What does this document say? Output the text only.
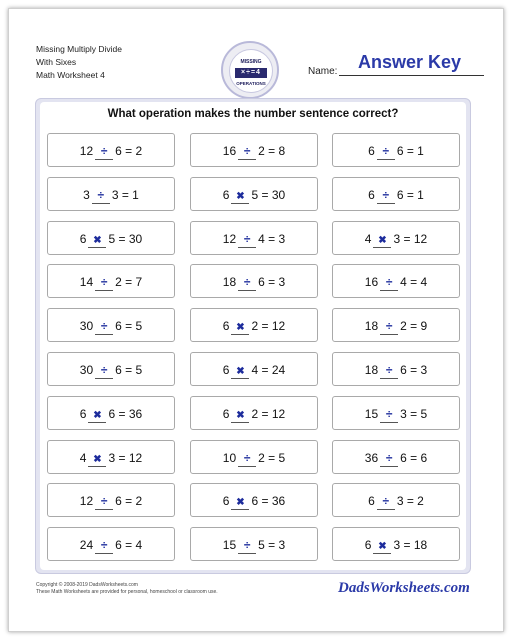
Missing Multiply Divide
With Sixes
Math Worksheet 4
MISSING
×÷=4
OPERATIONS
Answer Key
Name:
What operation makes the number sentence correct?
12 ÷ 6 = 2	16 ÷ 2 = 8	6 ÷ 6 = 1
3 ÷ 3 = 1	6 ✖ 5 = 30	6 ÷ 6 = 1
6 ✖ 5 = 30	12 ÷ 4 = 3	4 ✖ 3 = 12
14 ÷ 2 = 7	18 ÷ 6 = 3	16 ÷ 4 = 4
30 ÷ 6 = 5	6 ✖ 2 = 12	18 ÷ 2 = 9
30 ÷ 6 = 5	6 ✖ 4 = 24	18 ÷ 6 = 3
6 ✖ 6 = 36	6 ✖ 2 = 12	15 ÷ 3 = 5
4 ✖ 3 = 12	10 ÷ 2 = 5	36 ÷ 6 = 6
12 ÷ 6 = 2	6 ✖ 6 = 36	6 ÷ 3 = 2
24 ÷ 6 = 4	15 ÷ 5 = 3	6 ✖ 3 = 18
Copyright © 2008-2019 DadsWorksheets.com
These Math Worksheets are provided for personal, homeschool or classroom use.	DadsWorksheets.com
